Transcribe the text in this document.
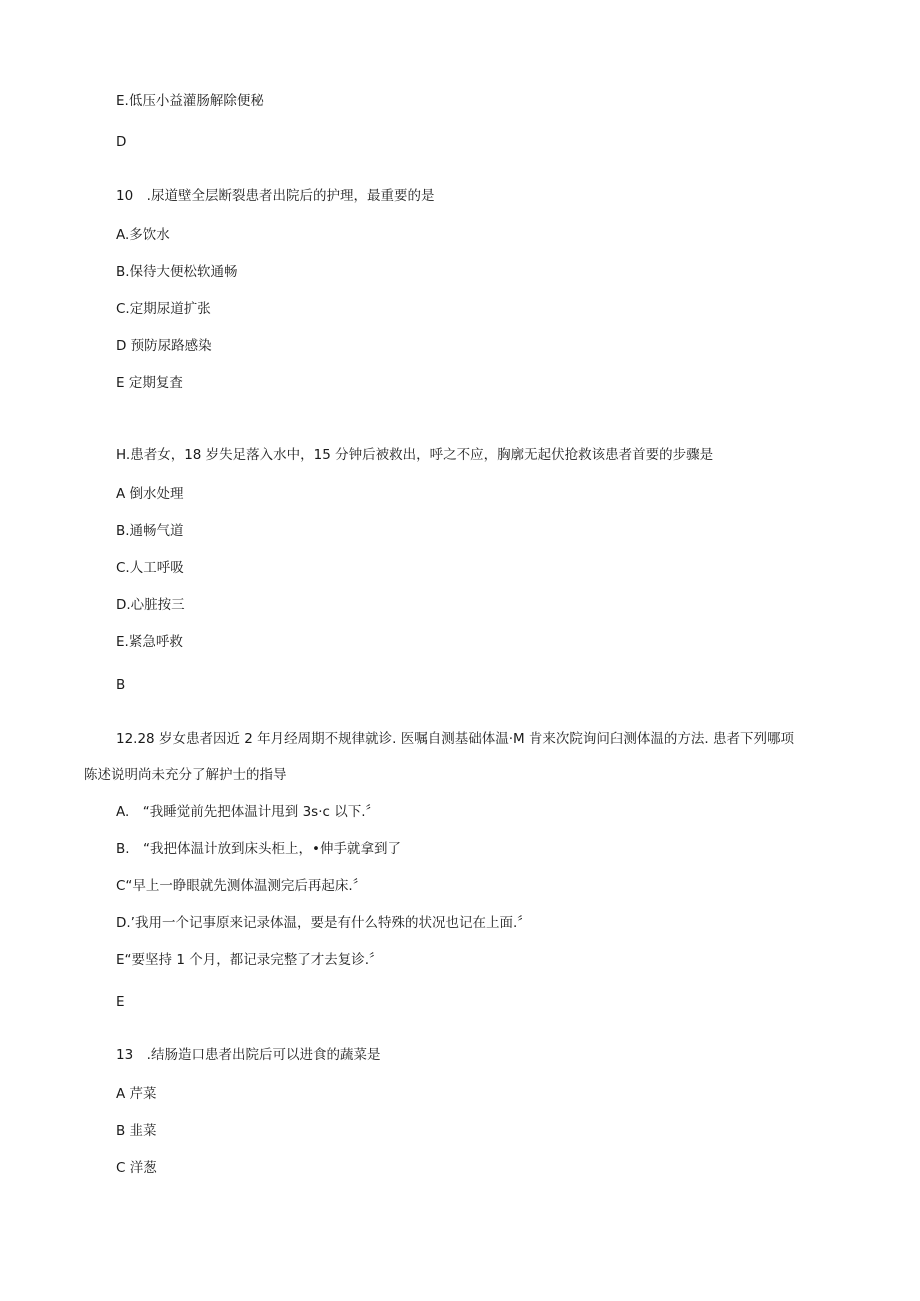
E.低压小益灌肠解除便秘
D
10　.尿道壁全层断裂患者出院后的护理，最重要的是
A.多饮水
B.保待大便松软通畅
C.定期尿道扩张
D 预防尿路感染
E 定期复査
H.患者女，18 岁失足落入水中，15 分钟后被救出，呼之不应，胸廓无起伏抢救该患者首要的步骤是
A 倒水处理
B.通畅气道
C.人工呼吸
D.心脏按三
E.紧急呼救
B
12.28 岁女患者因近 2 年月经周期不规律就诊. 医嘱自测基础体温·M 肯来次院询问臼测体温的方法. 患者下列哪项
陈述说明尚未充分了解护士的指导
A.　“我睡觉前先把体温计甩到 3s·c 以下.〞
B.　“我把体温计放到床头柜上，•伸手就拿到了
C“早上一睁眼就先测体温测完后再起床.〞
D.’我用一个记事原来记录体温，要是有什么特殊的状况也记在上面.〞
E“要坚持 1 个月，都记录完整了才去复诊.〞
E
13　.结肠造口患者出院后可以进食的蔬菜是
A 芹菜
B 韭菜
C 洋葱
